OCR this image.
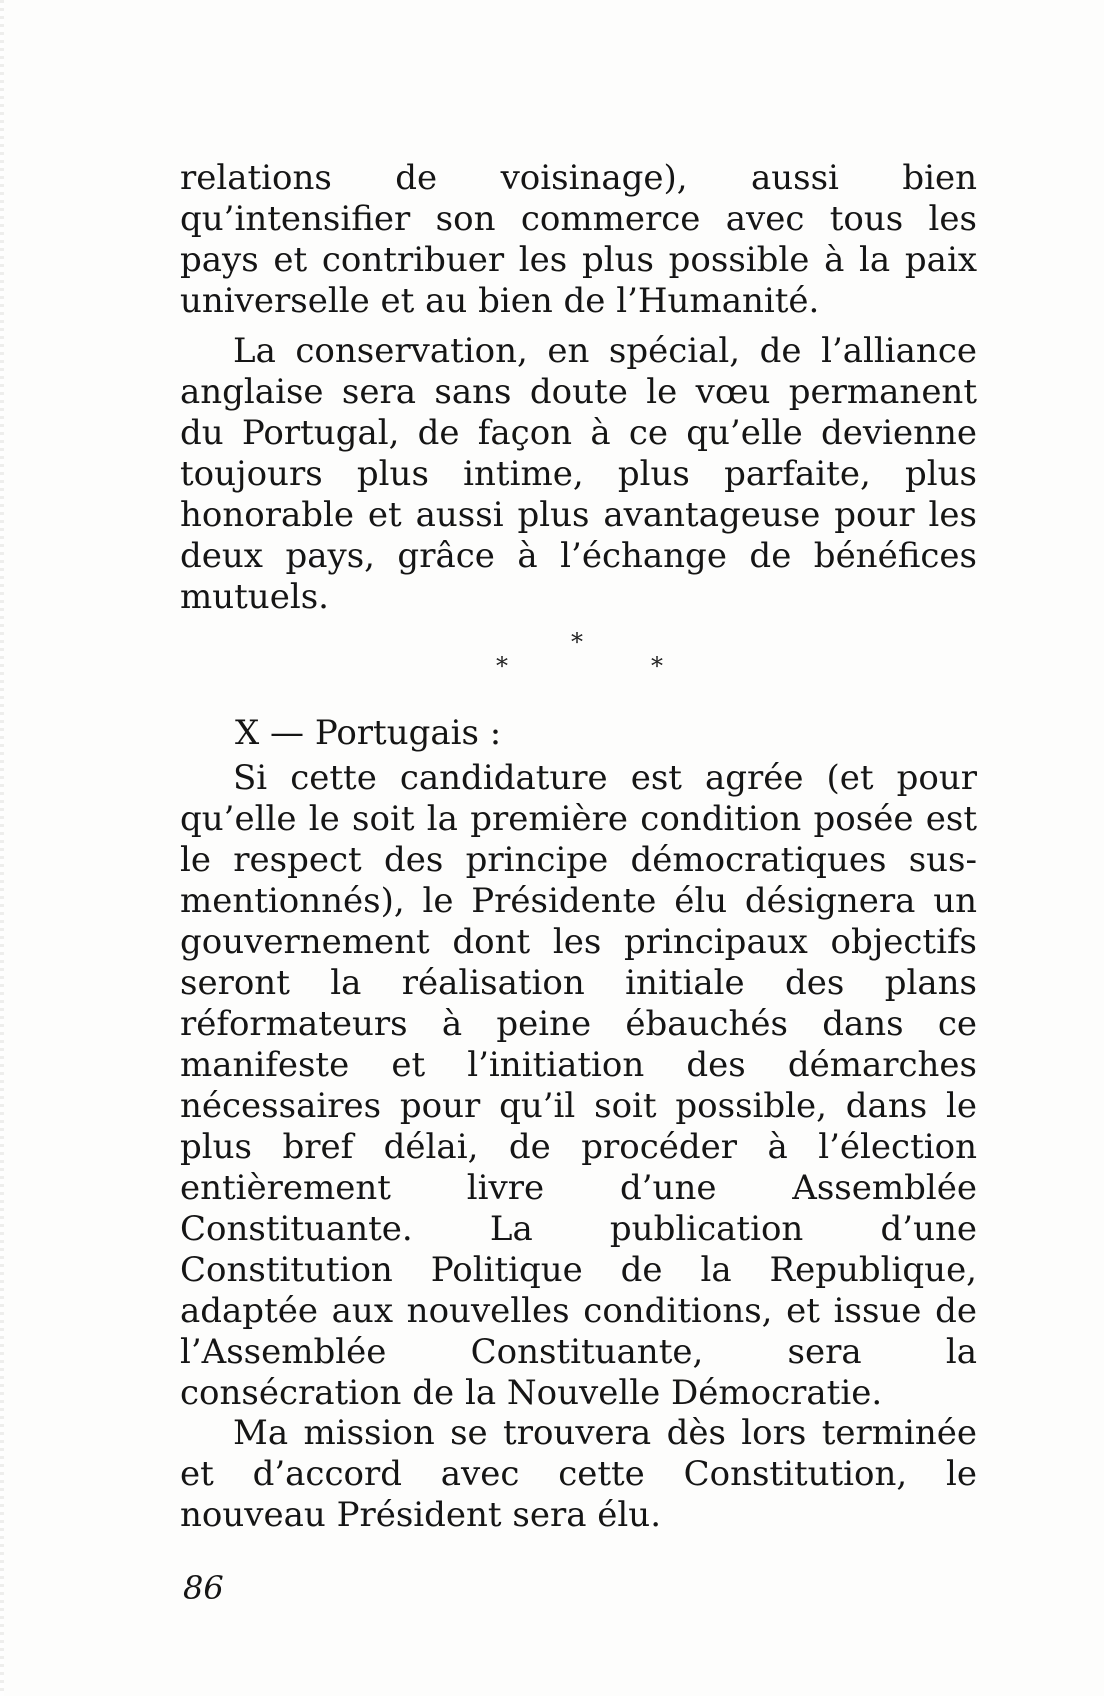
relations de voisinage), aussi bien qu’intensifier son commerce avec tous les pays et contribuer les plus possible à la paix universelle et au bien de l’Humanité.

La conservation, en spécial, de l’alliance anglaise sera sans doute le vœu permanent du Portugal, de façon à ce qu’elle devienne toujours plus intime, plus parfaite, plus honorable et aussi plus avantageuse pour les deux pays, grâce à l’échange de bénéfices mutuels.

*
*	*

X — Portugais :

Si cette candidature est agrée (et pour qu’elle le soit la première condition posée est le respect des principe démocratiques sus-mentionnés), le Présidente élu désignera un gouvernement dont les principaux objectifs seront la réalisation initiale des plans réformateurs à peine ébauchés dans ce manifeste et l’initiation des démarches nécessaires pour qu’il soit possible, dans le plus bref délai, de procéder à l’élection entièrement livre d’une Assemblée Constituante. La publication d’une Constitution Politique de la Republique, adaptée aux nouvelles conditions, et issue de l’Assemblée Constituante, sera la consécration de la Nouvelle Démocratie.

Ma mission se trouvera dès lors terminée et d’accord avec cette Constitution, le nouveau Président sera élu.

86
